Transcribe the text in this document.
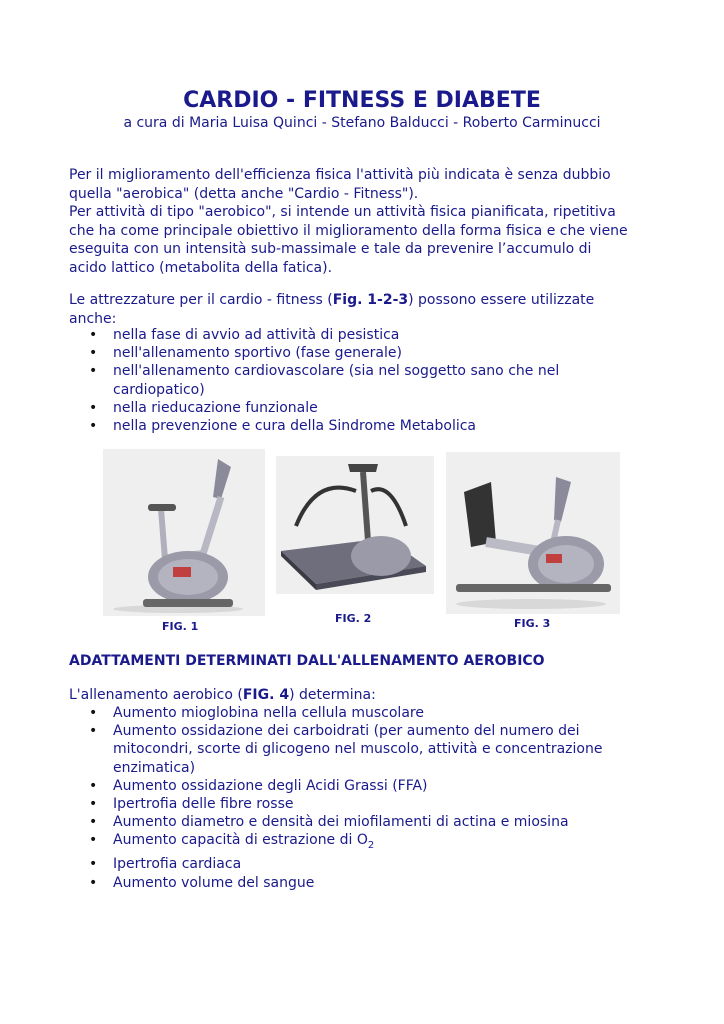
CARDIO - FITNESS E DIABETE
a cura di Maria Luisa Quinci - Stefano Balducci - Roberto Carminucci
Per il miglioramento dell'efficienza fisica l'attività più indicata è senza dubbio
quella "aerobica" (detta anche "Cardio - Fitness").
Per attività di tipo "aerobico", si intende un attività fisica pianificata, ripetitiva
che ha come principale obiettivo il miglioramento della forma fisica e che viene
eseguita con un intensità sub-massimale e tale da prevenire l’accumulo di
acido lattico (metabolita della fatica).
Le attrezzature per il cardio - fitness (Fig. 1-2-3) possono essere utilizzate
anche:
• nella fase di avvio ad attività di pesistica
• nell'allenamento sportivo (fase generale)
• nell'allenamento cardiovascolare (sia nel soggetto sano che nel
cardiopatico)
• nella rieducazione funzionale
• nella prevenzione e cura della Sindrome Metabolica
FIG. 1
FIG. 2	FIG. 3
ADATTAMENTI DETERMINATI DALL'ALLENAMENTO AEROBICO
L'allenamento aerobico (FIG. 4) determina:
• Aumento mioglobina nella cellula muscolare
• Aumento ossidazione dei carboidrati (per aumento del numero dei
mitocondri, scorte di glicogeno nel muscolo, attività e concentrazione
enzimatica)
• Aumento ossidazione degli Acidi Grassi (FFA)
• Ipertrofia delle fibre rosse
• Aumento diametro e densità dei miofilamenti di actina e miosina
• Aumento capacità di estrazione di $O_2$
• Ipertrofia cardiaca
• Aumento volume del sangue
